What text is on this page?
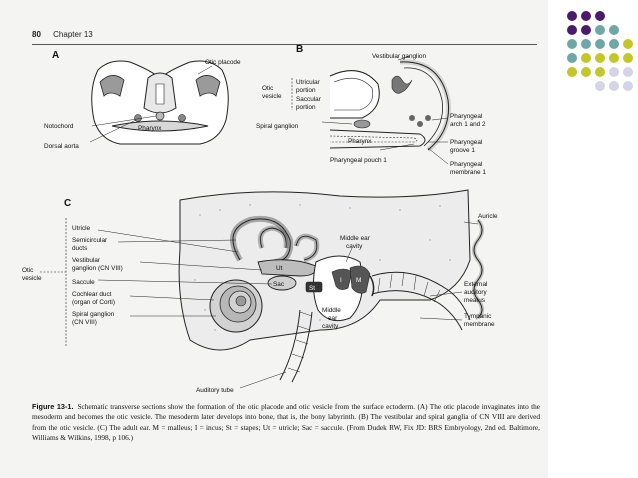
80 Chapter 13
A
Otic placode
Notochord	Pharynx
Dorsal aorta
B
Vestibular ganglion
Otic
vesicle
Utricular
portion
Saccular
portion
Spiral ganglion
Pharyngeal
arch 1 and 2
Pharynx	Pharyngeal
groove 1
Pharyngeal pouch 1
Pharyngeal
membrane 1
C
Utricle
Semicircular
ducts
Vestibular
ganglion (CN VIII)
Otic
vesicle
Saccule
Cochlear duct
(organ of Corti)
Spiral ganglion
(CN VIII)
Auditory tube
Auricle
Middle ear
cavity
Ut
Sac
I M
St
Middle
ear
cavity
External
auditory
meatus
Tympanic
membrane
Figure 13-1. Schematic transverse sections show the formation of the otic placode and otic vesicle from the surface ectoderm. (A) The otic placode invaginates into the mesoderm and becomes the otic vesicle. The mesoderm later develops into bone, that is, the bony labyrinth. (B) The vestibular and spiral ganglia of CN VIII are derived from the otic vesicle. (C) The adult ear. M = malleus; I = incus; St = stapes; Ut = utricle; Sac = saccule. (From Dudek RW, Fix JD: BRS Embryology, 2nd ed. Baltimore, Williams & Wilkins, 1998, p 106.)
